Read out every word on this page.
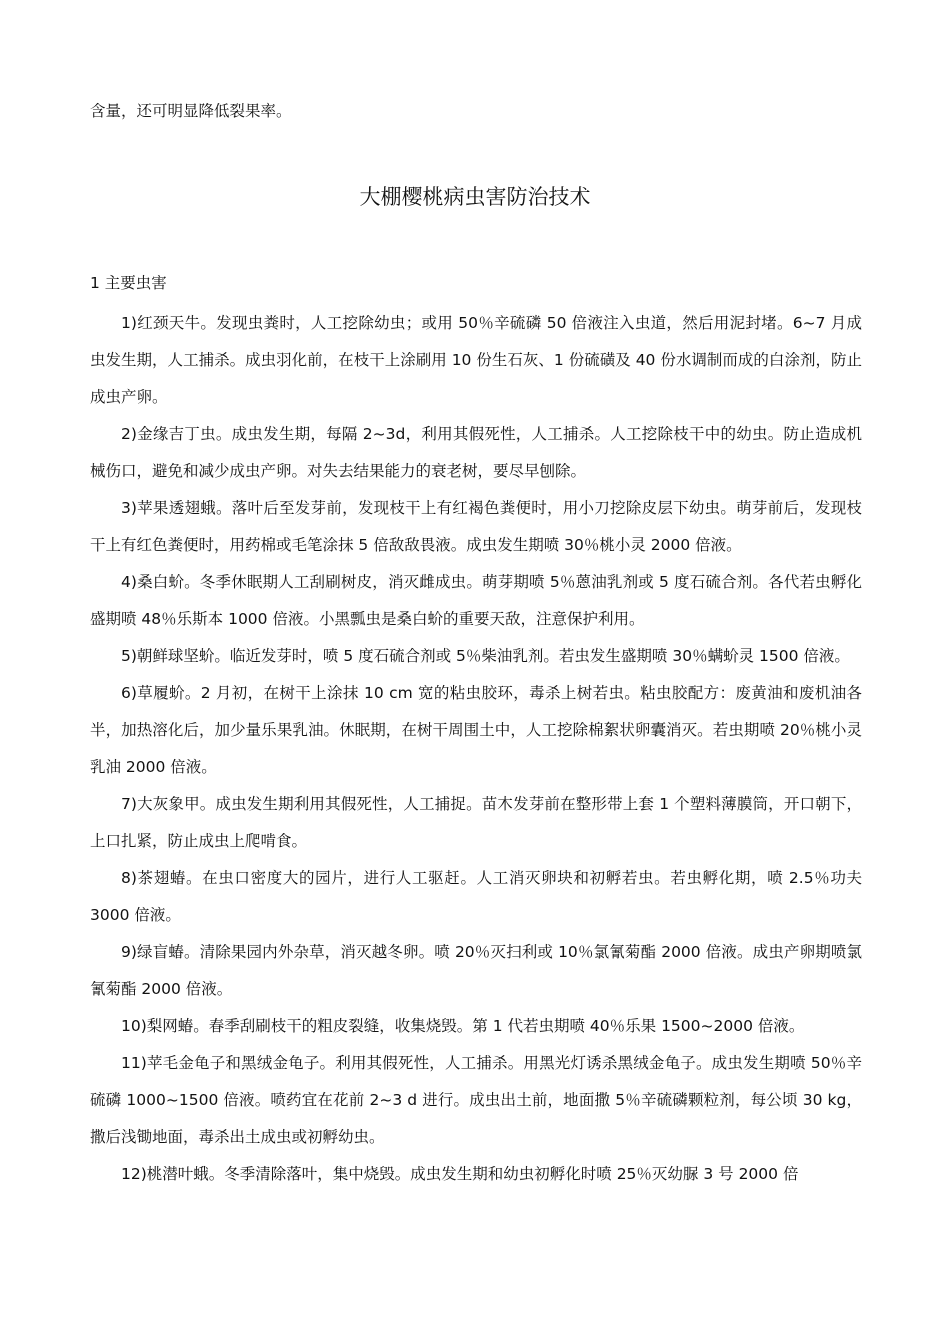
含量，还可明显降低裂果率。

大棚樱桃病虫害防治技术

1 主要虫害

1)红颈天牛。发现虫粪时，人工挖除幼虫；或用 50％辛硫磷 50 倍液注入虫道，然后用泥封堵。6~7 月成虫发生期，人工捕杀。成虫羽化前，在枝干上涂刷用 10 份生石灰、1 份硫磺及 40 份水调制而成的白涂剂，防止成虫产卵。

2)金缘吉丁虫。成虫发生期，每隔 2~3d，利用其假死性，人工捕杀。人工挖除枝干中的幼虫。防止造成机械伤口，避免和减少成虫产卵。对失去结果能力的衰老树，要尽早刨除。

3)苹果透翅蛾。落叶后至发芽前，发现枝干上有红褐色粪便时，用小刀挖除皮层下幼虫。萌芽前后，发现枝干上有红色粪便时，用药棉或毛笔涂抹 5 倍敌敌畏液。成虫发生期喷 30％桃小灵 2000 倍液。

4)桑白蚧。冬季休眠期人工刮刷树皮，消灭雌成虫。萌芽期喷 5％蒽油乳剂或 5 度石硫合剂。各代若虫孵化盛期喷 48％乐斯本 1000 倍液。小黑瓢虫是桑白蚧的重要天敌，注意保护利用。

5)朝鲜球坚蚧。临近发芽时，喷 5 度石硫合剂或 5％柴油乳剂。若虫发生盛期喷 30％螨蚧灵 1500 倍液。

6)草履蚧。2 月初，在树干上涂抹 10 cm 宽的粘虫胶环，毒杀上树若虫。粘虫胶配方：废黄油和废机油各半，加热溶化后，加少量乐果乳油。休眠期，在树干周围土中，人工挖除棉絮状卵囊消灭。若虫期喷 20％桃小灵乳油 2000 倍液。

7)大灰象甲。成虫发生期利用其假死性，人工捕捉。苗木发芽前在整形带上套 1 个塑料薄膜筒，开口朝下，上口扎紧，防止成虫上爬啃食。

8)茶翅蝽。在虫口密度大的园片，进行人工驱赶。人工消灭卵块和初孵若虫。若虫孵化期，喷 2.5％功夫 3000 倍液。

9)绿盲蝽。清除果园内外杂草，消灭越冬卵。喷 20％灭扫利或 10％氯氰菊酯 2000 倍液。成虫产卵期喷氯氰菊酯 2000 倍液。

10)梨网蝽。春季刮刷枝干的粗皮裂缝，收集烧毁。第 1 代若虫期喷 40％乐果 1500~2000 倍液。

11)苹毛金龟子和黑绒金龟子。利用其假死性，人工捕杀。用黑光灯诱杀黑绒金龟子。成虫发生期喷 50％辛硫磷 1000~1500 倍液。喷药宜在花前 2~3 d 进行。成虫出土前，地面撒 5％辛硫磷颗粒剂，每公顷 30 kg，撒后浅锄地面，毒杀出土成虫或初孵幼虫。

12)桃潜叶蛾。冬季清除落叶，集中烧毁。成虫发生期和幼虫初孵化时喷 25％灭幼脲 3 号 2000 倍
